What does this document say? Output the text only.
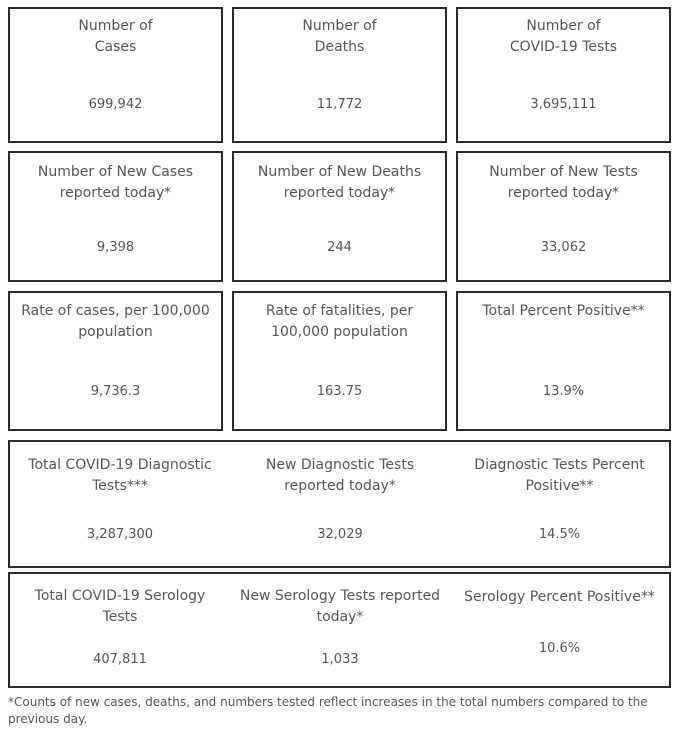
Number of
Cases
699,942
Number of
Deaths
11,772
Number of
COVID-19 Tests
3,695,111
Number of New Cases
reported today*
9,398
Number of New Deaths
reported today*
244
Number of New Tests
reported today*
33,062
Rate of cases, per 100,000
population
9,736.3
Rate of fatalities, per
100,000 population
163.75
Total Percent Positive**
13.9%
Total COVID-19 Diagnostic
Tests***
3,287,300
New Diagnostic Tests
reported today*
32,029
Diagnostic Tests Percent
Positive**
14.5%
Total COVID-19 Serology
Tests
407,811
New Serology Tests reported
today*
1,033
Serology Percent Positive**
10.6%
*Counts of new cases, deaths, and numbers tested reflect increases in the total numbers compared to the previous day.
